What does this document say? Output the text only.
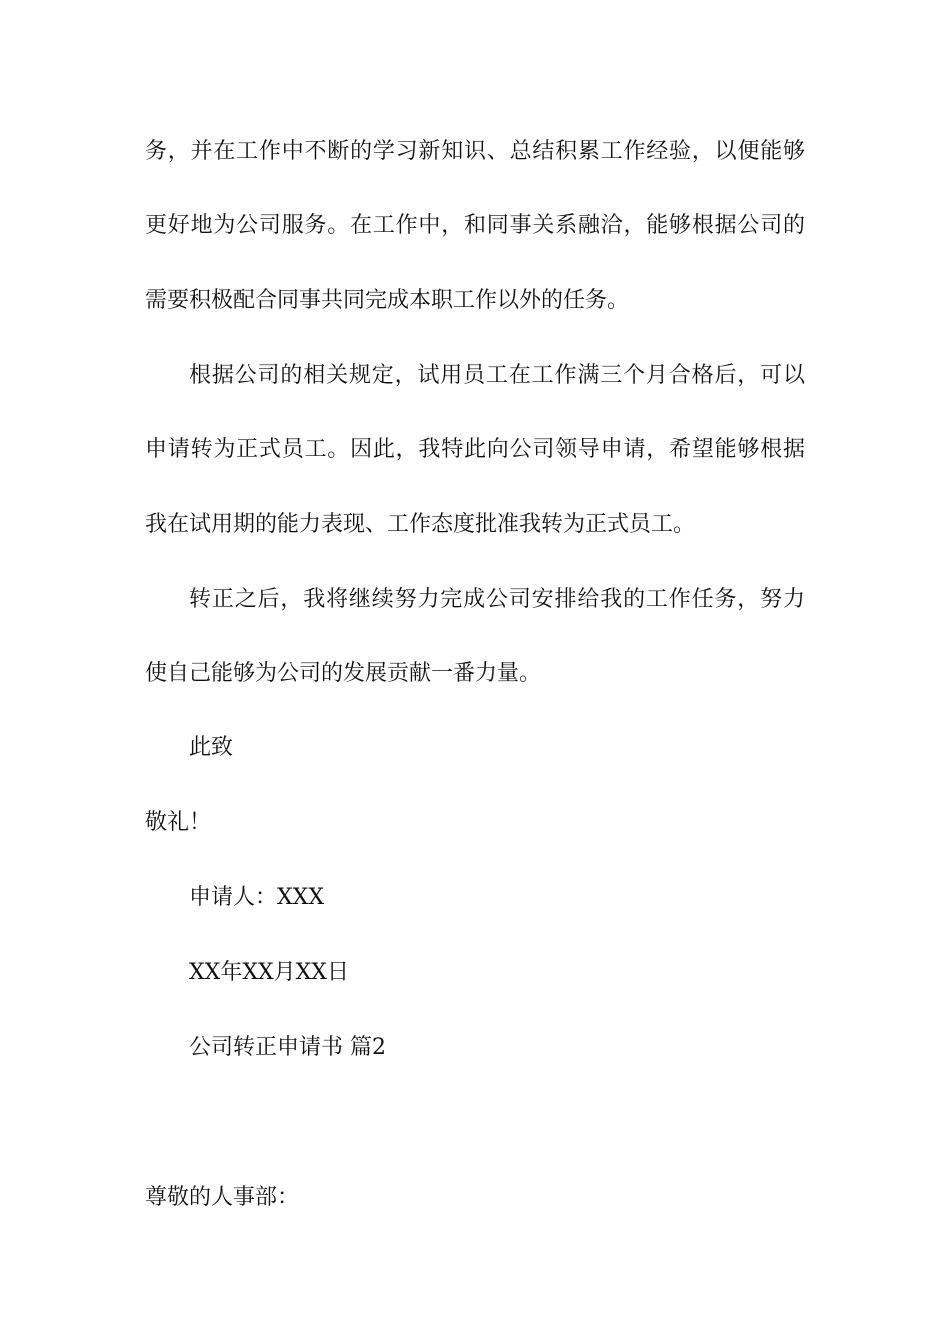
务，并在工作中不断的学习新知识、总结积累工作经验，以便能够
更好地为公司服务。在工作中，和同事关系融洽，能够根据公司的
需要积极配合同事共同完成本职工作以外的任务。
根据公司的相关规定，试用员工在工作满三个月合格后，可以
申请转为正式员工。因此，我特此向公司领导申请，希望能够根据
我在试用期的能力表现、工作态度批准我转为正式员工。
转正之后，我将继续努力完成公司安排给我的工作任务，努力
使自己能够为公司的发展贡献一番力量。
此致
敬礼！
申请人：XXX
XX年XX月XX日
公司转正申请书 篇2
尊敬的人事部：
